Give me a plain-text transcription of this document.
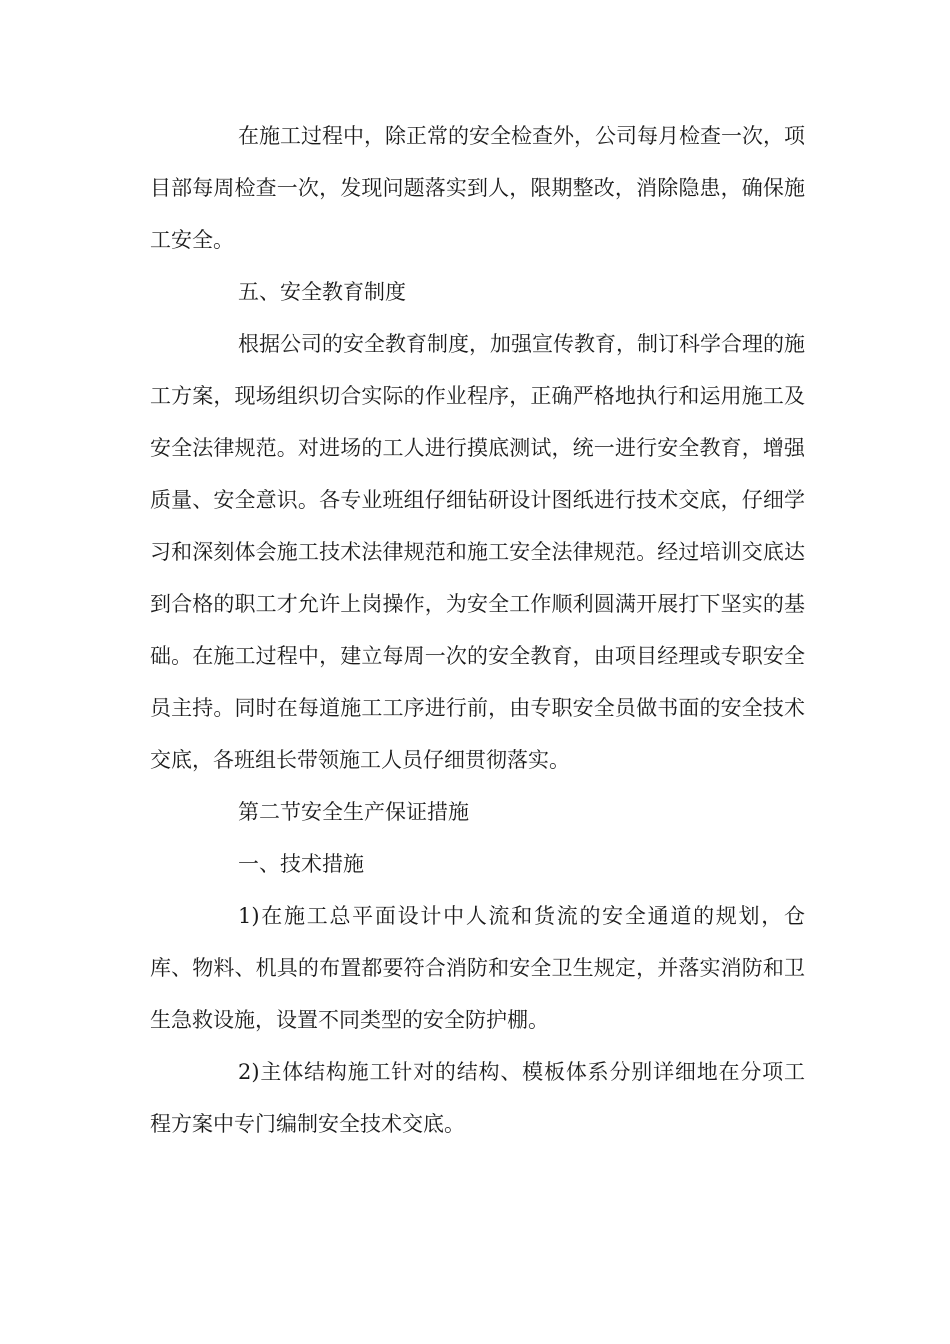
在施工过程中，除正常的安全检查外，公司每月检查一次，项目部每周检查一次，发现问题落实到人，限期整改，消除隐患，确保施工安全。

五、安全教育制度

根据公司的安全教育制度，加强宣传教育，制订科学合理的施工方案，现场组织切合实际的作业程序，正确严格地执行和运用施工及安全法律规范。对进场的工人进行摸底测试，统一进行安全教育，增强质量、安全意识。各专业班组仔细钻研设计图纸进行技术交底，仔细学习和深刻体会施工技术法律规范和施工安全法律规范。经过培训交底达到合格的职工才允许上岗操作，为安全工作顺利圆满开展打下坚实的基础。在施工过程中，建立每周一次的安全教育，由项目经理或专职安全员主持。同时在每道施工工序进行前，由专职安全员做书面的安全技术交底，各班组长带领施工人员仔细贯彻落实。

第二节安全生产保证措施

一、技术措施

1)在施工总平面设计中人流和货流的安全通道的规划，仓库、物料、机具的布置都要符合消防和安全卫生规定，并落实消防和卫生急救设施，设置不同类型的安全防护棚。

2)主体结构施工针对的结构、模板体系分别详细地在分项工程方案中专门编制安全技术交底。
